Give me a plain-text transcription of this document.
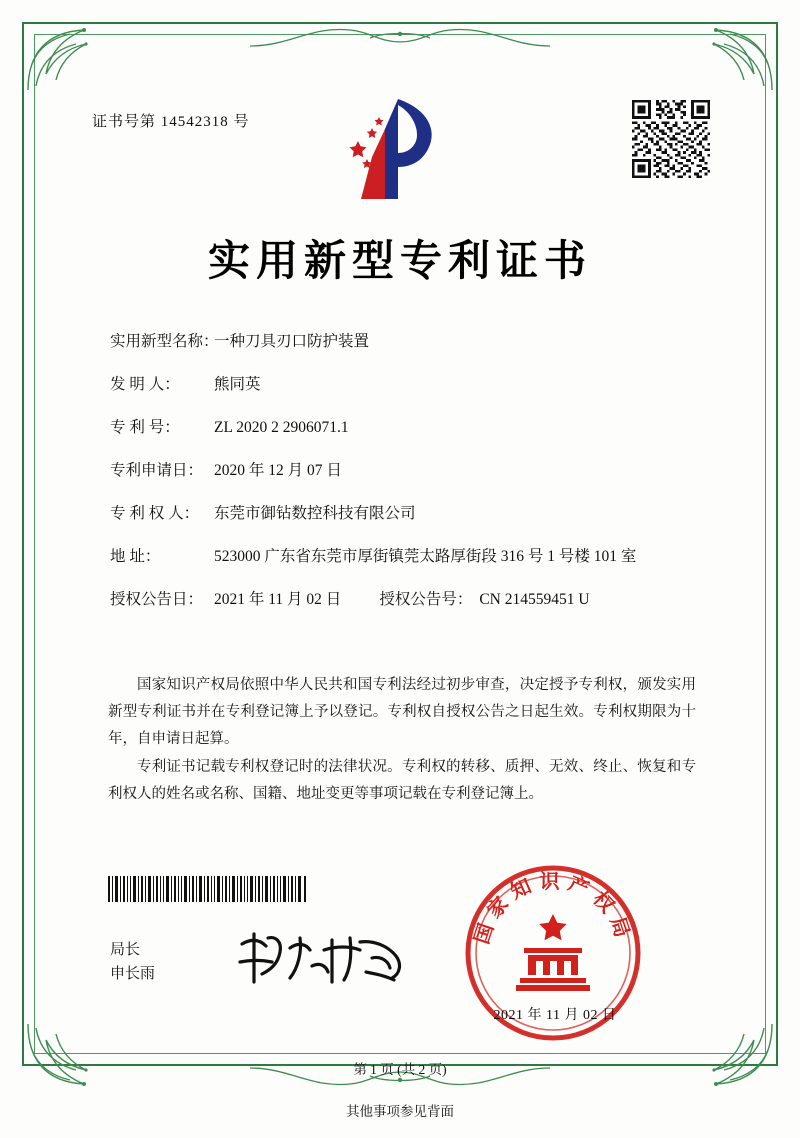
证书号第 14542318 号
实用新型专利证书
实用新型名称：
一种刀具刃口防护装置
发 明 人：	熊同英
专 利 号：	ZL 2020 2 2906071.1
专利申请日： 2020 年 12 月 07 日
专 利 权 人： 东莞市御钻数控科技有限公司
地 址：	523000 广东省东莞市厚街镇莞太路厚街段 316 号 1 号楼 101 室
授权公告日： 2021 年 11 月 02 日 授权公告号： CN 214559451 U

国家知识产权局依照中华人民共和国专利法经过初步审查，决定授予专利权，颁发实用新型专利证书并在专利登记簿上予以登记。专利权自授权公告之日起生效。专利权期限为十年，自申请日起算。

专利证书记载专利权登记时的法律状况。专利权的转移、质押、无效、终止、恢复和专利权人的姓名或名称、国籍、地址变更等事项记载在专利登记簿上。

局长
申长雨
国家知识产权局
2021 年 11 月 02 日
第 1 页 (共 2 页)
其他事项参见背面
